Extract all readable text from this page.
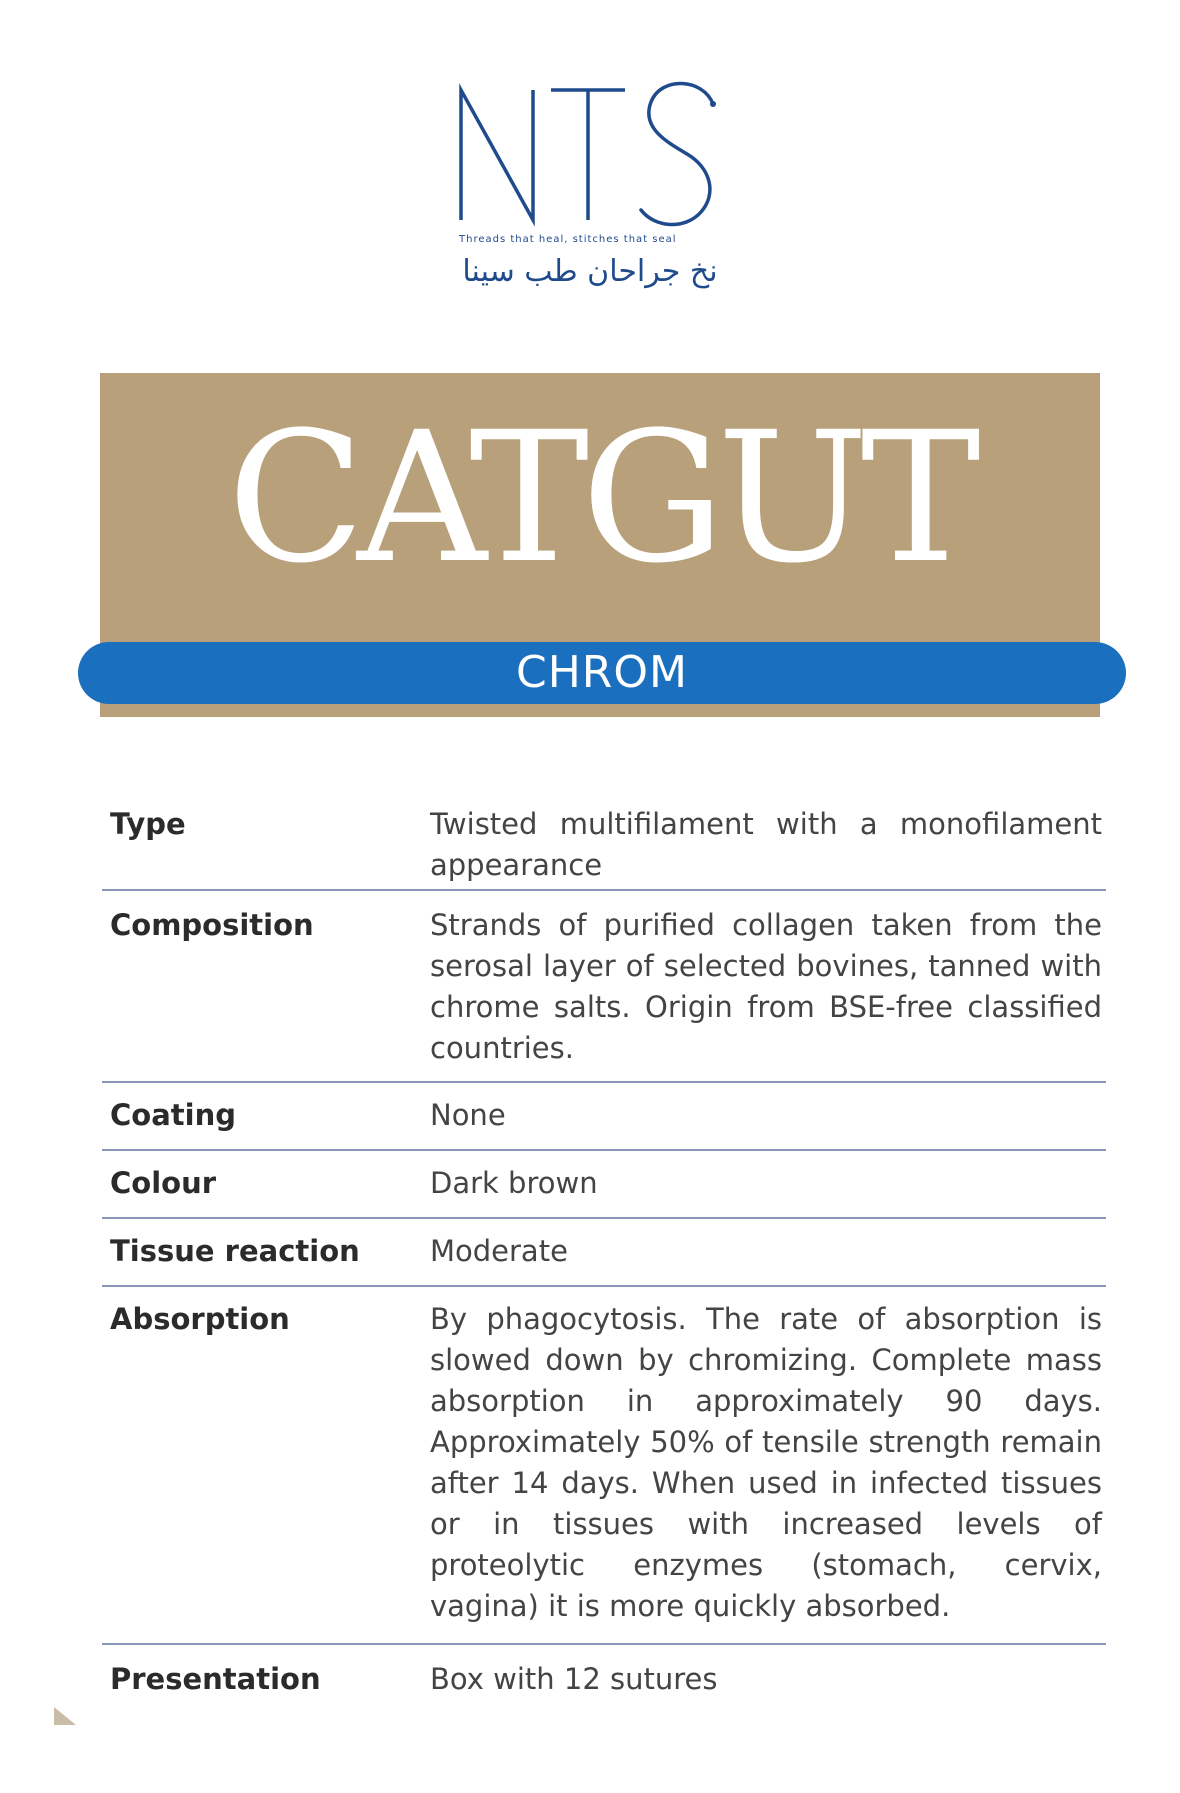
Threads that heal, stitches that seal
نخ جراحان طب سینا
CATGUT
CHROM
Type	Twisted multifilament with a monofilament appearance
Composition	Strands of purified collagen taken from the serosal layer of selected bovines, tanned with chrome salts. Origin from BSE-free classified countries.
Coating	None
Colour	Dark brown
Tissue reaction	Moderate
Absorption	By phagocytosis. The rate of absorption is slowed down by chromizing. Complete mass absorption in approximately 90 days. Approximately 50% of tensile strength remain after 14 days. When used in infected tissues or in tissues with increased levels of proteolytic enzymes (stomach, cervix, vagina) it is more quickly absorbed.
Presentation	Box with 12 sutures
